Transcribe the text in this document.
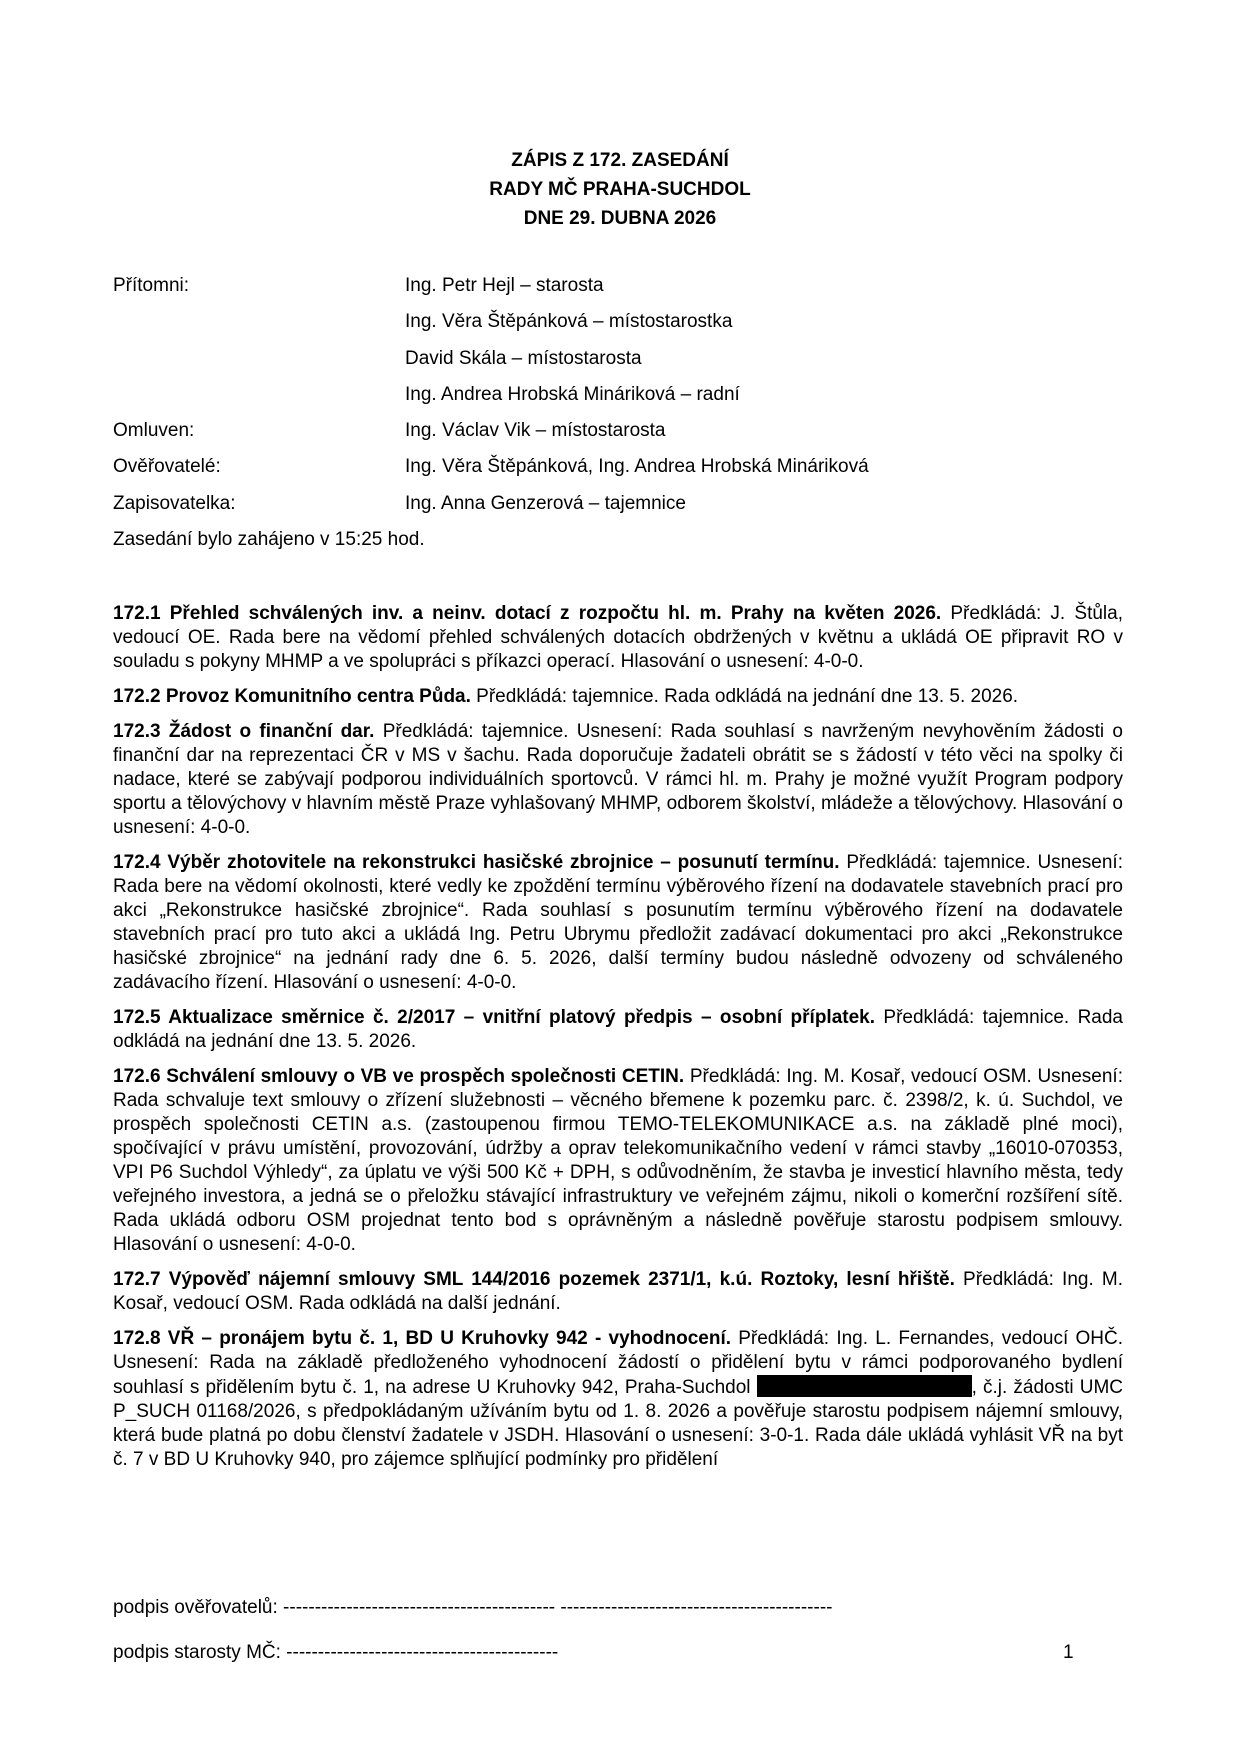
ZÁPIS Z 172. ZASEDÁNÍ
RADY MČ PRAHA-SUCHDOL
DNE 29. DUBNA 2026
Přítomni:	Ing. Petr Hejl – starosta
Ing. Věra Štěpánková – místostarostka
David Skála – místostarosta
Ing. Andrea Hrobská Mináriková – radní
Omluven:	Ing. Václav Vik – místostarosta
Ověřovatelé:	Ing. Věra Štěpánková, Ing. Andrea Hrobská Mináriková
Zapisovatelka:	Ing. Anna Genzerová – tajemnice
Zasedání bylo zahájeno v 15:25 hod.

172.1 Přehled schválených inv. a neinv. dotací z rozpočtu hl. m. Prahy na květen 2026. Předkládá: J. Štůla, vedoucí OE. Rada bere na vědomí přehled schválených dotacích obdržených v květnu a ukládá OE připravit RO v souladu s pokyny MHMP a ve spolupráci s příkazci operací. Hlasování o usnesení: 4-0-0.

172.2 Provoz Komunitního centra Půda. Předkládá: tajemnice. Rada odkládá na jednání dne 13. 5. 2026.

172.3 Žádost o finanční dar. Předkládá: tajemnice. Usnesení: Rada souhlasí s navrženým nevyhověním žádosti o finanční dar na reprezentaci ČR v MS v šachu. Rada doporučuje žadateli obrátit se s žádostí v této věci na spolky či nadace, které se zabývají podporou individuálních sportovců. V rámci hl. m. Prahy je možné využít Program podpory sportu a tělovýchovy v hlavním městě Praze vyhlašovaný MHMP, odborem školství, mládeže a tělovýchovy. Hlasování o usnesení: 4-0-0.

172.4 Výběr zhotovitele na rekonstrukci hasičské zbrojnice – posunutí termínu. Předkládá: tajemnice. Usnesení: Rada bere na vědomí okolnosti, které vedly ke zpoždění termínu výběrového řízení na dodavatele stavebních prací pro akci „Rekonstrukce hasičské zbrojnice“. Rada souhlasí s posunutím termínu výběrového řízení na dodavatele stavebních prací pro tuto akci a ukládá Ing. Petru Ubrymu předložit zadávací dokumentaci pro akci „Rekonstrukce hasičské zbrojnice“ na jednání rady dne 6. 5. 2026, další termíny budou následně odvozeny od schváleného zadávacího řízení. Hlasování o usnesení: 4-0-0.

172.5 Aktualizace směrnice č. 2/2017 – vnitřní platový předpis – osobní příplatek. Předkládá: tajemnice. Rada odkládá na jednání dne 13. 5. 2026.

172.6 Schválení smlouvy o VB ve prospěch společnosti CETIN. Předkládá: Ing. M. Kosař, vedoucí OSM. Usnesení: Rada schvaluje text smlouvy o zřízení služebnosti – věcného břemene k pozemku parc. č. 2398/2, k. ú. Suchdol, ve prospěch společnosti CETIN a.s. (zastoupenou firmou TEMO-TELEKOMUNIKACE a.s. na základě plné moci), spočívající v právu umístění, provozování, údržby a oprav telekomunikačního vedení v rámci stavby „16010-070353, VPI P6 Suchdol Výhledy“, za úplatu ve výši 500 Kč + DPH, s odůvodněním, že stavba je investicí hlavního města, tedy veřejného investora, a jedná se o přeložku stávající infrastruktury ve veřejném zájmu, nikoli o komerční rozšíření sítě. Rada ukládá odboru OSM projednat tento bod s oprávněným a následně pověřuje starostu podpisem smlouvy. Hlasování o usnesení: 4-0-0.

172.7 Výpověď nájemní smlouvy SML 144/2016 pozemek 2371/1, k.ú. Roztoky, lesní hřiště. Předkládá: Ing. M. Kosař, vedoucí OSM. Rada odkládá na další jednání.

172.8 VŘ – pronájem bytu č. 1, BD U Kruhovky 942 - vyhodnocení. Předkládá: Ing. L. Fernandes, vedoucí OHČ. Usnesení: Rada na základě předloženého vyhodnocení žádostí o přidělení bytu v rámci podporovaného bydlení souhlasí s přidělením bytu č. 1, na adrese U Kruhovky 942, Praha-Suchdol	, č.j. žádosti UMC P_SUCH 01168/2026, s předpokládaným užíváním bytu od 1. 8. 2026 a pověřuje starostu podpisem nájemní smlouvy, která bude platná po dobu členství žadatele v JSDH. Hlasování o usnesení: 3-0-1. Rada dále ukládá vyhlásit VŘ na byt č. 7 v BD U Kruhovky 940, pro zájemce splňující podmínky pro přidělení

podpis ověřovatelů: ------------------------------------------- -------------------------------------------
podpis starosty MČ: -------------------------------------------	1
